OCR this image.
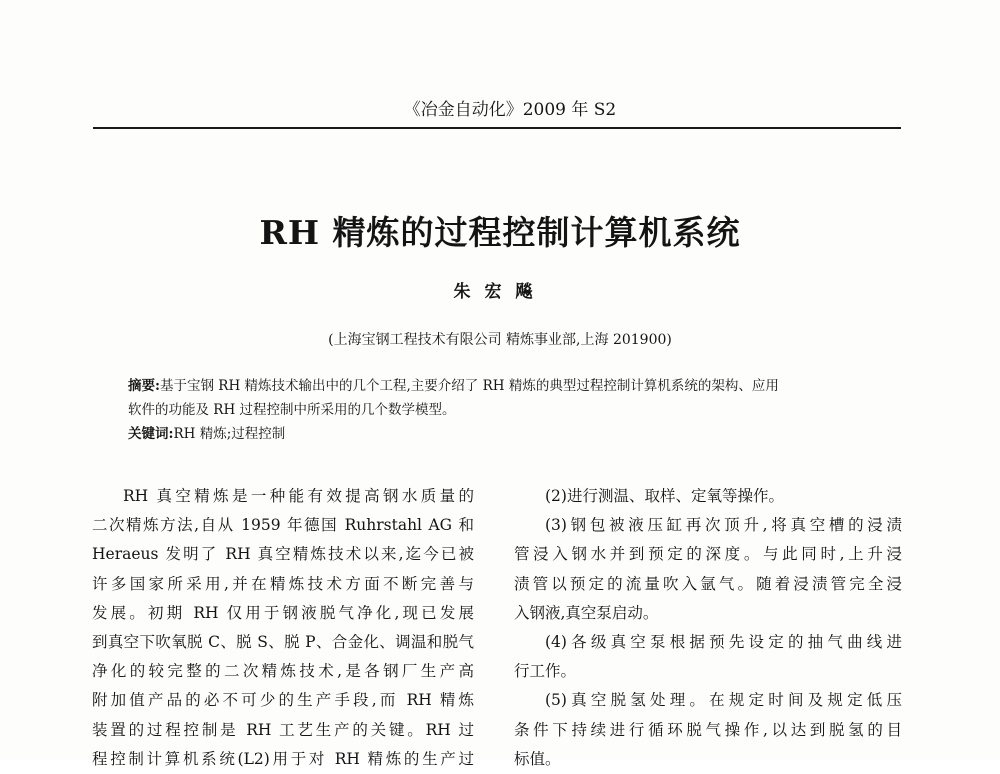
《冶金自动化》2009 年 S2
RH 精炼的过程控制计算机系统
朱宏飚
(上海宝钢工程技术有限公司 精炼事业部,上海 201900)
摘要:基于宝钢 RH 精炼技术输出中的几个工程,主要介绍了 RH 精炼的典型过程控制计算机系统的架构、应用
软件的功能及 RH 过程控制中所采用的几个数学模型。
关键词:RH 精炼;过程控制
RH 真空精炼是一种能有效提高钢水质量的
二次精炼方法,自从 1959 年德国 Ruhrstahl AG 和
Heraeus 发明了 RH 真空精炼技术以来,迄今已被
许多国家所采用,并在精炼技术方面不断完善与
发展。初期 RH 仅用于钢液脱气净化,现已发展
到真空下吹氧脱 C、脱 S、脱 P、合金化、调温和脱气
净化的较完整的二次精炼技术,是各钢厂生产高
附加值产品的必不可少的生产手段,而 RH 精炼
装置的过程控制是 RH 工艺生产的关键。RH 过
程控制计算机系统(L2)用于对 RH 精炼的生产过
(2)进行测温、取样、定氧等操作。
(3)钢包被液压缸再次顶升,将真空槽的浸渍
管浸入钢水并到预定的深度。与此同时,上升浸
渍管以预定的流量吹入氩气。随着浸渍管完全浸
入钢液,真空泵启动。
(4)各级真空泵根据预先设定的抽气曲线进
行工作。
(5)真空脱氢处理。在规定时间及规定低压
条件下持续进行循环脱气操作,以达到脱氢的目
标值。
